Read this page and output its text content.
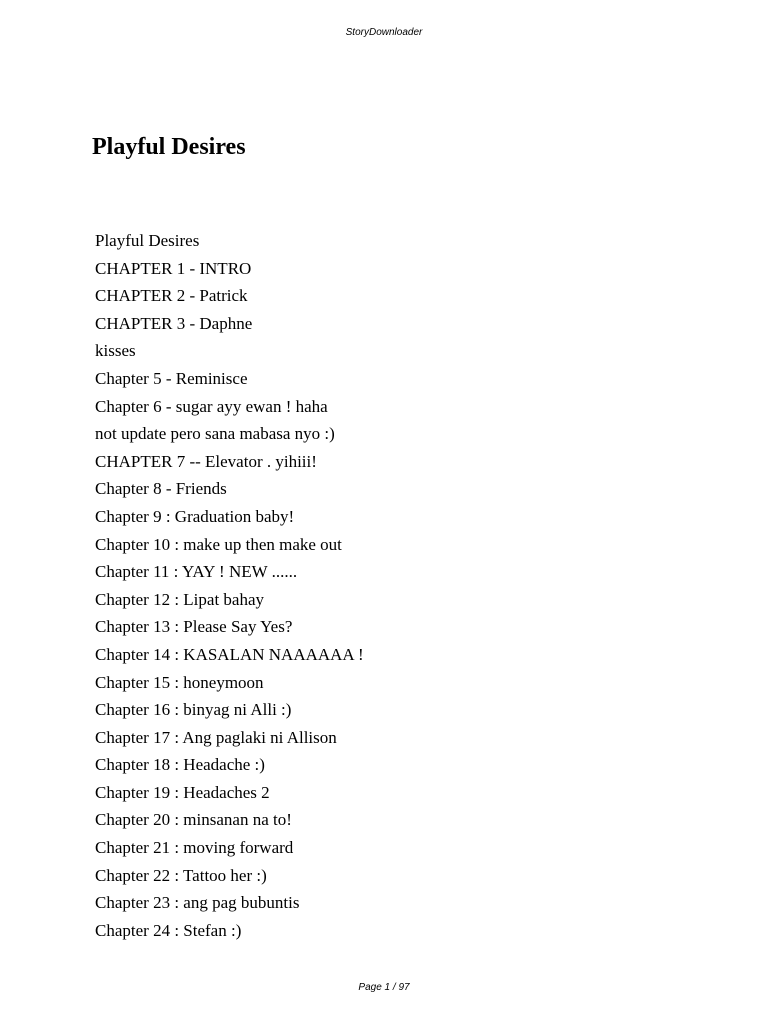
StoryDownloader
Playful Desires
Playful Desires
CHAPTER 1 - INTRO
CHAPTER 2 - Patrick
CHAPTER 3 - Daphne
kisses
Chapter 5 - Reminisce
Chapter 6 - sugar ayy ewan ! haha
not update pero sana mabasa nyo :)
CHAPTER 7 -- Elevator . yihiii!
Chapter 8 - Friends
Chapter 9 : Graduation baby!
Chapter 10 : make up then make out
Chapter 11 : YAY ! NEW ......
Chapter 12 : Lipat bahay
Chapter 13 : Please Say Yes?
Chapter 14 : KASALAN NAAAAAA !
Chapter 15 : honeymoon
Chapter 16 : binyag ni Alli :)
Chapter 17 : Ang paglaki ni Allison
Chapter 18 : Headache :)
Chapter 19 : Headaches 2
Chapter 20 : minsanan na to!
Chapter 21 : moving forward
Chapter 22 : Tattoo her :)
Chapter 23 : ang pag bubuntis
Chapter 24 : Stefan :)
Page 1 / 97
